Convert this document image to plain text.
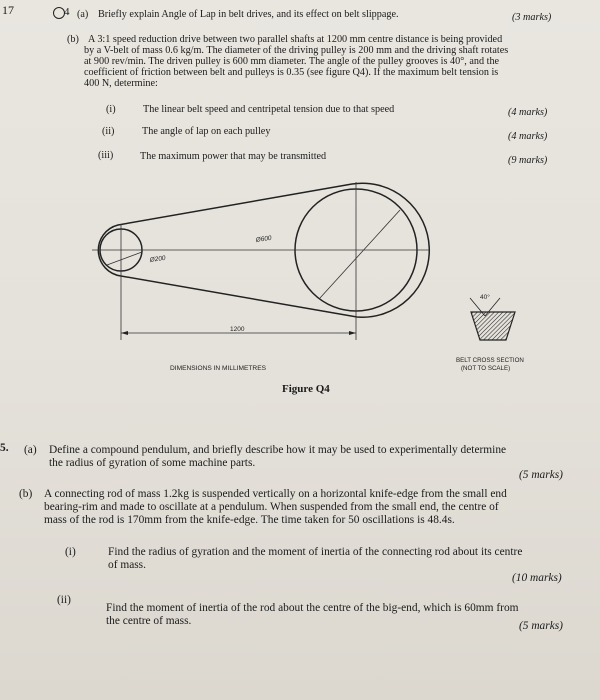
17	4 (a) Briefly explain Angle of Lap in belt drives, and its effect on belt slippage.	(3 marks)
(b) A 3:1 speed reduction drive between two parallel shafts at 1200 mm centre distance is being provided
by a V-belt of mass 0.6 kg/m. The diameter of the driving pulley is 200 mm and the driving shaft rotates
at 900 rev/min. The driven pulley is 600 mm diameter. The angle of the pulley grooves is 40°, and the
coefficient of friction between belt and pulleys is 0.35 (see figure Q4). If the maximum belt tension is
400 N, determine:
(i)	The linear belt speed and centripetal tension due to that speed	(4 marks)
(ii)	The angle of lap on each pulley	(4 marks)
(iii)	The maximum power that may be transmitted	(9 marks)
Ø200
Ø600
1200
DIMENSIONS IN MILLIMETRES
40°
BELT CROSS SECTION
(NOT TO SCALE)
Figure Q4
5. (a) Define a compound pendulum, and briefly describe how it may be used to experimentally determine
the radius of gyration of some machine parts.
(5 marks)
(b) A connecting rod of mass 1.2kg is suspended vertically on a horizontal knife-edge from the small end
bearing-rim and made to oscillate at a pendulum. When suspended from the small end, the centre of
mass of the rod is 170mm from the knife-edge. The time taken for 50 oscillations is 48.4s.
(i)	Find the radius of gyration and the moment of inertia of the connecting rod about its centre
of mass.
(10 marks)
(ii)
Find the moment of inertia of the rod about the centre of the big-end, which is 60mm from
the centre of mass.	(5 marks)
